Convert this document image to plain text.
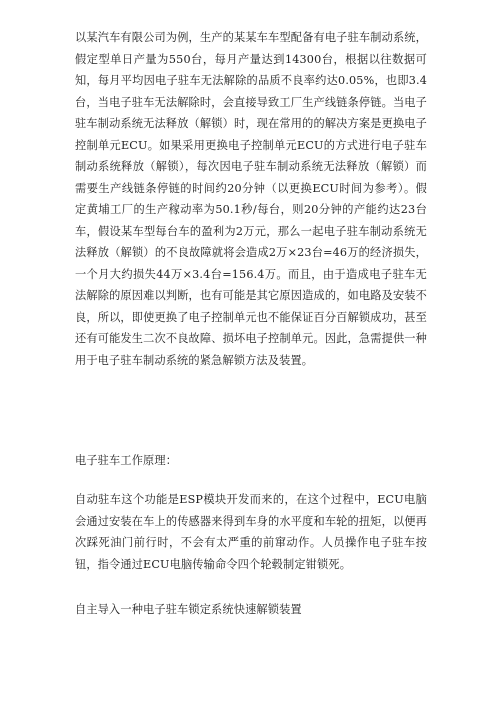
以某汽车有限公司为例，生产的某某车车型配备有电子驻车制动系统，假定型单日产量为550台，每月产量达到14300台，根据以往数据可知，每月平均因电子驻车无法解除的品质不良率约达0.05%，也即3.4台，当电子驻车无法解除时，会直接导致工厂生产线链条停链。当电子驻车制动系统无法释放（解锁）时，现在常用的的解决方案是更换电子控制单元ECU。如果采用更换电子控制单元ECU的方式进行电子驻车制动系统释放（解锁），每次因电子驻车制动系统无法释放（解锁）而需要生产线链条停链的时间约20分钟（以更换ECU时间为参考）。假定黄埔工厂的生产稼动率为50.1秒/每台，则20分钟的产能约达23台车，假设某车型每台车的盈利为2万元，那么一起电子驻车制动系统无法释放（解锁）的不良故障就将会造成2万×23台=46万的经济损失，一个月大约损失44万×3.4台=156.4万。而且，由于造成电子驻车无法解除的原因难以判断，也有可能是其它原因造成的，如电路及安装不良，所以，即使更换了电子控制单元也不能保证百分百解锁成功，甚至还有可能发生二次不良故障、损坏电子控制单元。因此，急需提供一种用于电子驻车制动系统的紧急解锁方法及装置。
电子驻车工作原理：
自动驻车这个功能是ESP模块开发而来的，在这个过程中，ECU电脑会通过安装在车上的传感器来得到车身的水平度和车轮的扭矩，以便再次踩死油门前行时，不会有太严重的前窜动作。人员操作电子驻车按钮，指令通过ECU电脑传输命令四个轮毂制定钳锁死。
自主导入一种电子驻车锁定系统快速解锁装置
